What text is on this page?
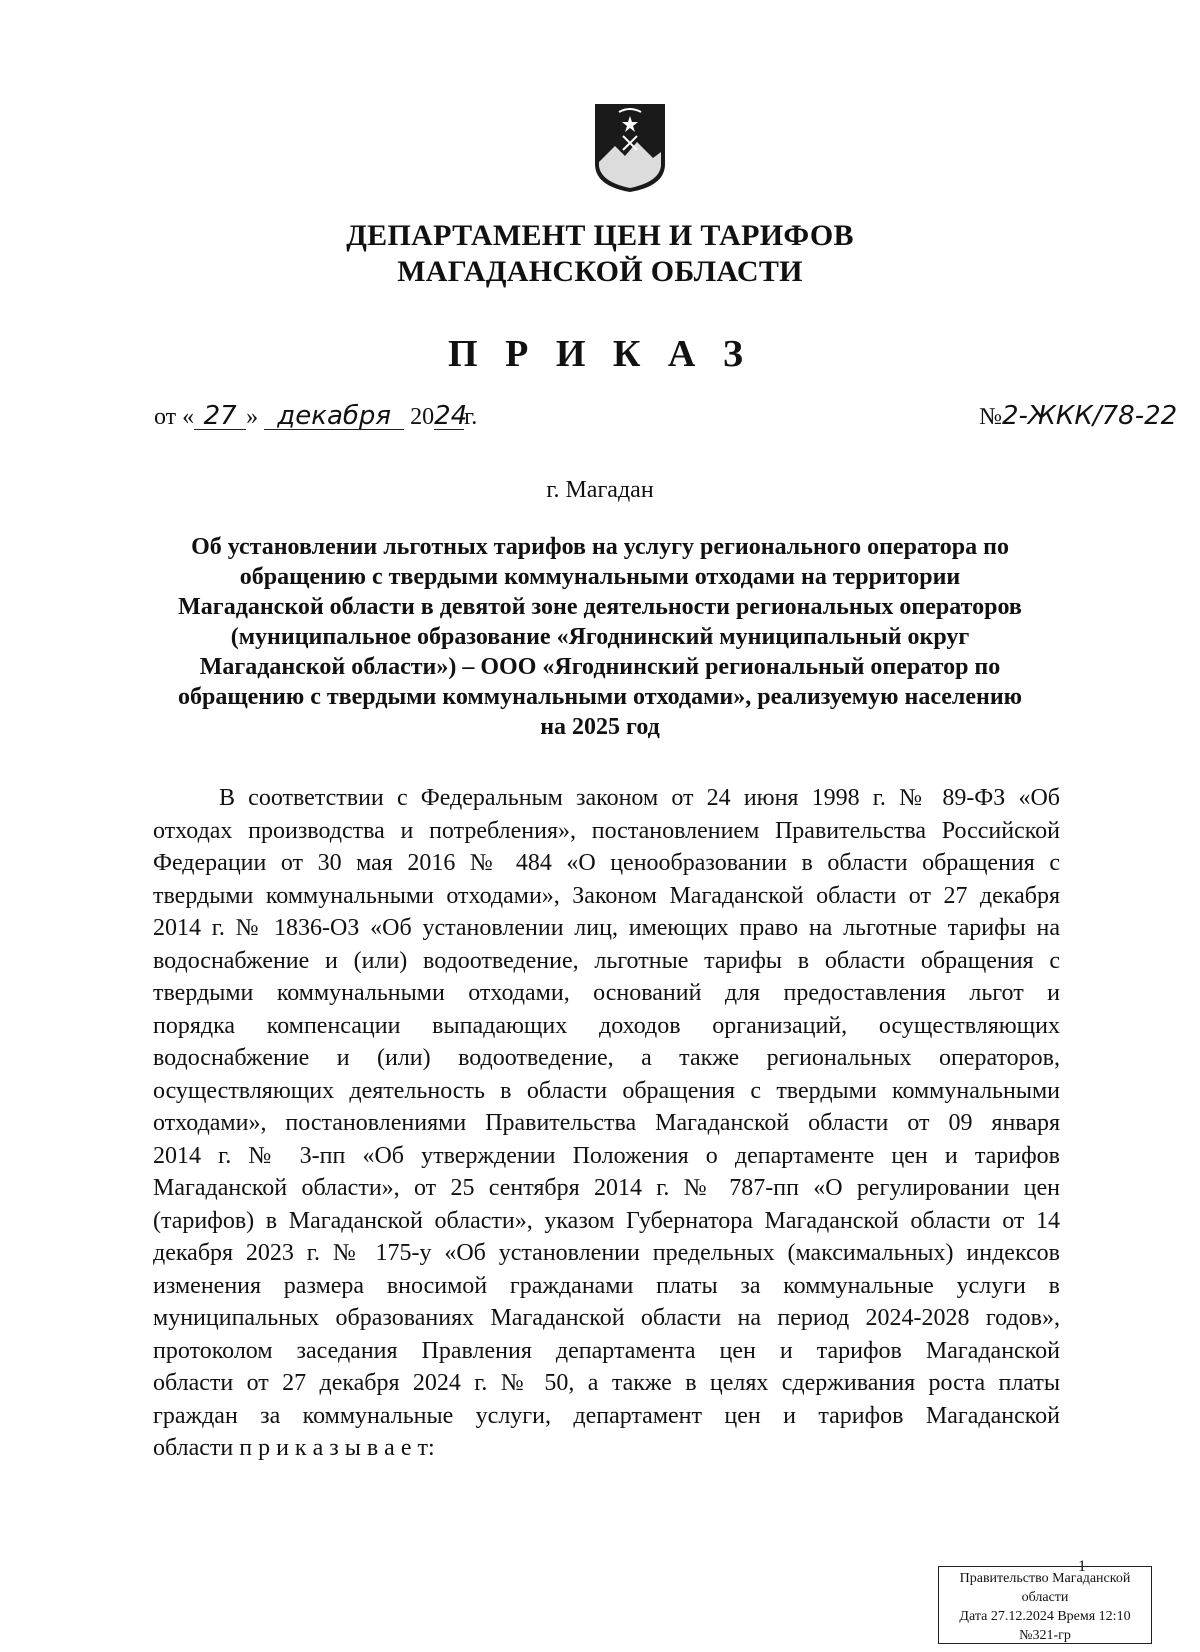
ДЕПАРТАМЕНТ ЦЕН И ТАРИФОВ
МАГАДАНСКОЙ ОБЛАСТИ
П Р И К А З
от « 27 » декабря 2024г.	№2-ЖКК/78-22
г. Магадан
Об установлении льготных тарифов на услугу регионального оператора по
обращению с твердыми коммунальными отходами на территории
Магаданской области в девятой зоне деятельности региональных операторов
(муниципальное образование «Ягоднинский муниципальный округ
Магаданской области») – ООО «Ягоднинский региональный оператор по
обращению с твердыми коммунальными отходами», реализуемую населению
на 2025 год
В соответствии с Федеральным законом от 24 июня 1998 г. № 89-ФЗ «Об
отходах производства и потребления», постановлением Правительства Российской
Федерации от 30 мая 2016 № 484 «О ценообразовании в области обращения с
твердыми коммунальными отходами», Законом Магаданской области от 27 декабря
2014 г. № 1836-ОЗ «Об установлении лиц, имеющих право на льготные тарифы на
водоснабжение и (или) водоотведение, льготные тарифы в области обращения с
твердыми коммунальными отходами, оснований для предоставления льгот и
порядка компенсации выпадающих доходов организаций, осуществляющих
водоснабжение и (или) водоотведение, а также региональных операторов,
осуществляющих деятельность в области обращения с твердыми коммунальными
отходами», постановлениями Правительства Магаданской области от 09 января
2014 г. № 3-пп «Об утверждении Положения о департаменте цен и тарифов
Магаданской области», от 25 сентября 2014 г. № 787-пп «О регулировании цен
(тарифов) в Магаданской области», указом Губернатора Магаданской области от 14
декабря 2023 г. № 175-у «Об установлении предельных (максимальных) индексов
изменения размера вносимой гражданами платы за коммунальные услуги в
муниципальных образованиях Магаданской области на период 2024-2028 годов»,
протоколом заседания Правления департамента цен и тарифов Магаданской
области от 27 декабря 2024 г. № 50, а также в целях сдерживания роста платы
граждан за коммунальные услуги, департамент цен и тарифов Магаданской
области п р и к а з ы в а е т:
1
Правительство Магаданской
области
Дата 27.12.2024 Время 12:10
№321-гр
